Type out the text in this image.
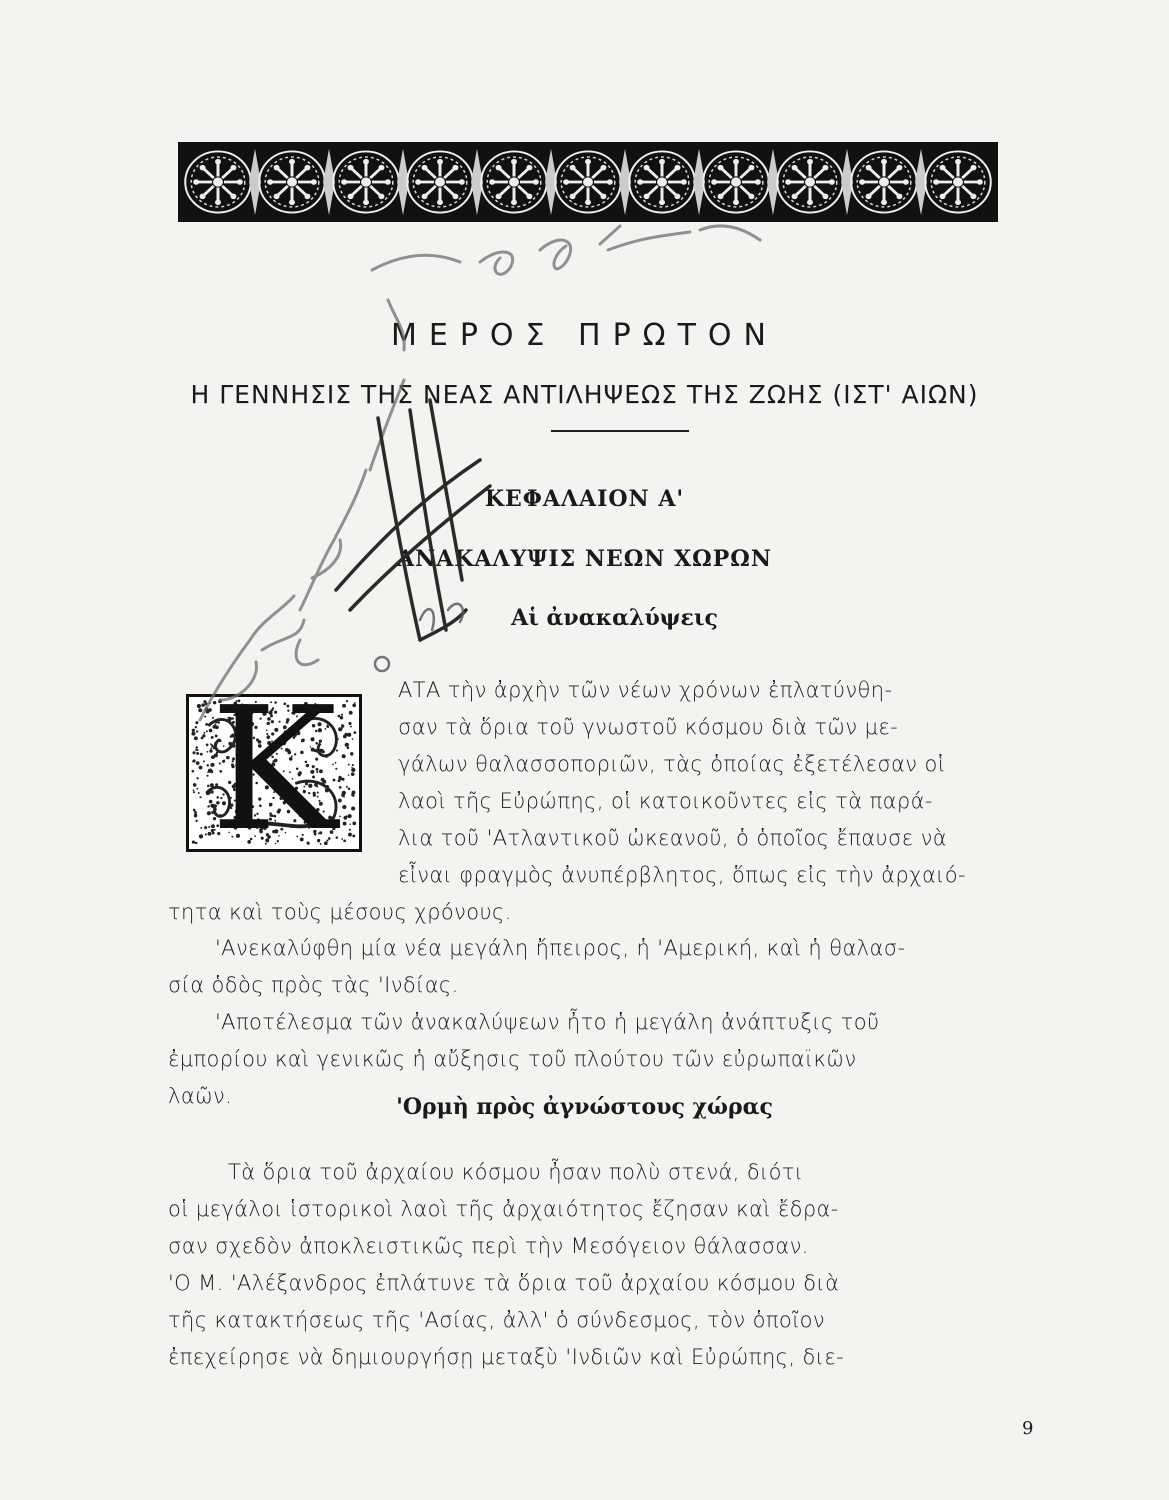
ΜΕΡΟΣ ΠΡΩΤΟΝ
Η ΓΕΝΝΗΣΙΣ ΤΗΣ ΝΕΑΣ ΑΝΤΙΛΗΨΕΩΣ ΤΗΣ ΖΩΗΣ (ΙΣΤ' ΑΙΩΝ)
ΚΕΦΑΛΑΙΟΝ Α'
ΑΝΑΚΑΛΥΨΙΣ ΝΕΩΝ ΧΩΡΩΝ
Αἱ ἀνακαλύψεις
Κ	ΑΤΑ τὴν ἀρχὴν τῶν νέων χρόνων ἐπλατύνθη-
σαν τὰ ὅρια τοῦ γνωστοῦ κόσμου διὰ τῶν με-
γάλων θαλασσοποριῶν, τὰς ὁποίας ἐξετέλεσαν οἱ
λαοὶ τῆς Εὐρώπης, οἱ κατοικοῦντες εἰς τὰ παρά-
λια τοῦ 'Ατλαντικοῦ ὠκεανοῦ, ὁ ὁποῖος ἔπαυσε νὰ
εἶναι φραγμὸς ἀνυπέρβλητος, ὅπως εἰς τὴν ἀρχαιό-
τητα καὶ τοὺς μέσους χρόνους.
'Ανεκαλύφθη μία νέα μεγάλη ἤπειρος, ἡ 'Αμερική, καὶ ἡ θαλασ-
σία ὁδὸς πρὸς τὰς 'Ινδίας.
'Αποτέλεσμα τῶν ἀνακαλύψεων ἦτο ἡ μεγάλη ἀνάπτυξις τοῦ
ἐμπορίου καὶ γενικῶς ἡ αὔξησις τοῦ πλούτου τῶν εὐρωπαϊκῶν
λαῶν.	'Ορμὴ πρὸς ἀγνώστους χώρας
Τὰ ὅρια τοῦ ἀρχαίου κόσμου ἦσαν πολὺ στενά, διότι
οἱ μεγάλοι ἱστορικοὶ λαοὶ τῆς ἀρχαιότητος ἔζησαν καὶ ἔδρα-
σαν σχεδὸν ἀποκλειστικῶς περὶ τὴν Μεσόγειον θάλασσαν.
'Ο Μ. 'Αλέξανδρος ἐπλάτυνε τὰ ὅρια τοῦ ἀρχαίου κόσμου διὰ
τῆς κατακτήσεως τῆς 'Ασίας, ἀλλ' ὁ σύνδεσμος, τὸν ὁποῖον
ἐπεχείρησε νὰ δημιουργήσῃ μεταξὺ 'Ινδιῶν καὶ Εὐρώπης, διε-
9
